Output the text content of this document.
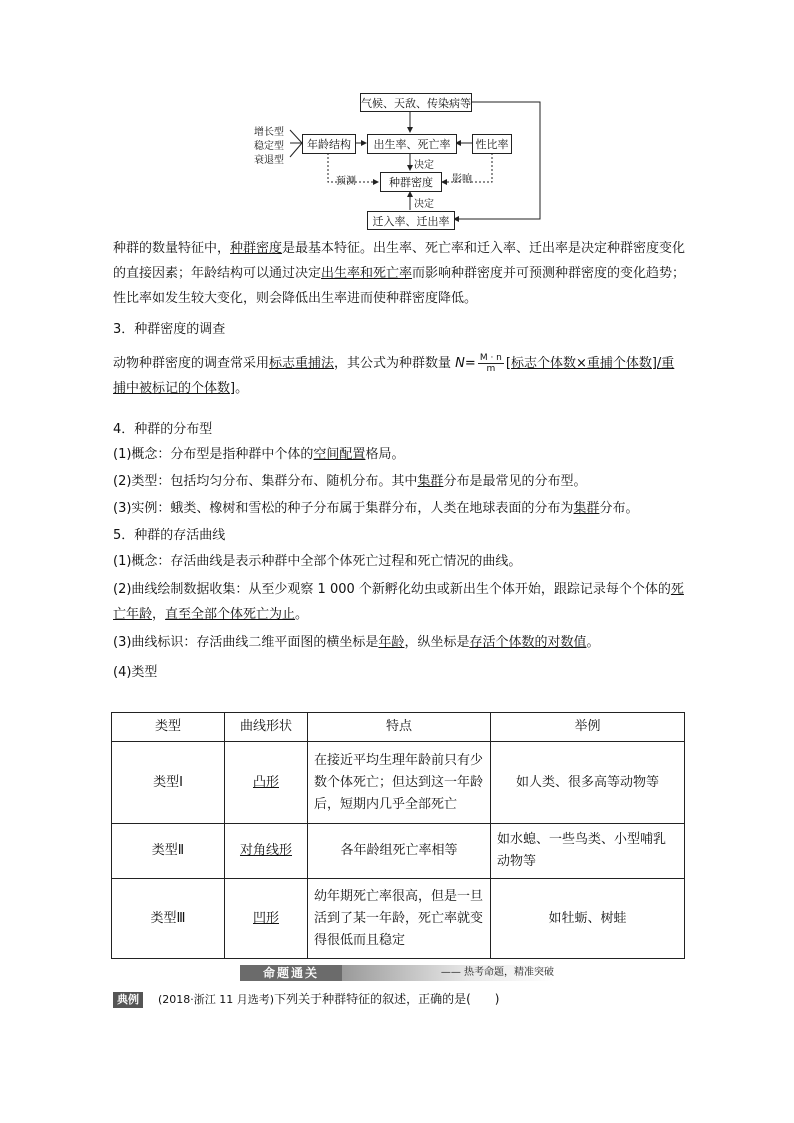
气候、天敌、传染病等
年龄结构	出生率、死亡率	性比率
种群密度
迁入率、迁出率
增长型
稳定型
衰退型	决定
决定
预测	影响
种群的数量特征中，种群密度是最基本特征。出生率、死亡率和迁入率、迁出率是决定种群密度变化的直接因素；年龄结构可以通过决定出生率和死亡率而影响种群密度并可预测种群密度的变化趋势；性比率如发生较大变化，则会降低出生率进而使种群密度降低。
3．种群密度的调查
动物种群密度的调查常采用标志重捕法，其公式为种群数量 $N= \frac{M \cdot n}{m}$ [标志个体数×重捕个体数]/重捕中被标记的个体数]。
4．种群的分布型
(1)概念：分布型是指种群中个体的空间配置格局。
(2)类型：包括均匀分布、集群分布、随机分布。其中集群分布是最常见的分布型。
(3)实例：蛾类、橡树和雪松的种子分布属于集群分布，人类在地球表面的分布为集群分布。
5．种群的存活曲线
(1)概念：存活曲线是表示种群中全部个体死亡过程和死亡情况的曲线。
(2)曲线绘制数据收集：从至少观察 1 000 个新孵化幼虫或新出生个体开始，跟踪记录每个个体的死亡年龄，直至全部个体死亡为止。
(3)曲线标识：存活曲线二维平面图的横坐标是年龄，纵坐标是存活个体数的对数值。
(4)类型
类型	曲线形状	特点	举例
类型Ⅰ	凸形	在接近平均生理年龄前只有少数个体死亡；但达到这一年龄后，短期内几乎全部死亡	如人类、很多高等动物等
类型Ⅱ	对角线形	各年龄组死亡率相等	如水螅、一些鸟类、小型哺乳动物等
类型Ⅲ	凹形	幼年期死亡率很高，但是一旦活到了某一年龄，死亡率就变得很低而且稳定	如牡蛎、树蛙
命题通关	—— 热考命题，精准突破
典例	(2018·浙江 11 月选考)下列关于种群特征的叙述，正确的是(　　)
